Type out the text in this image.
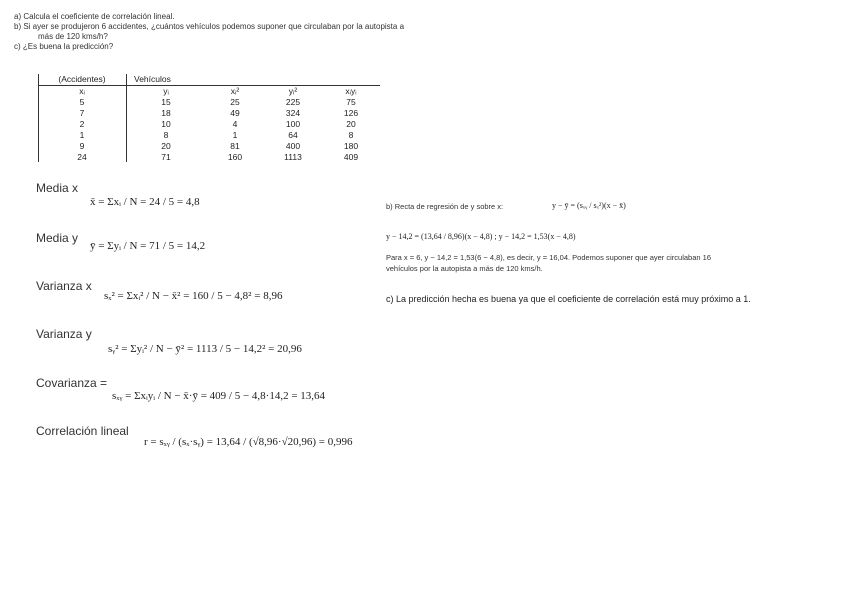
a) Calcula el coeficiente de correlación lineal.
b) Si ayer se produjeron 6 accidentes, ¿cuántos vehículos podemos suponer que circulaban por la autopista a
más de 120 kms/h?
c) ¿Es buena la predicción?
(Accidentes)	Vehículos			
xᵢ	yᵢ	xᵢ²	yᵢ²	xᵢyᵢ
5	15	25	225	75
7	18	49	324	126
2	10	4	100	20
1	8	1	64	8
9	20	81	400	180
24	71	160	1113	409
Media x
x̄ = Σxᵢ / N = 24 / 5 = 4,8
Media y
ȳ = Σyᵢ / N = 71 / 5 = 14,2
Varianza x
sₓ² = Σxᵢ² / N − x̄² = 160 / 5 − 4,8² = 8,96
Varianza y
sᵧ² = Σyᵢ² / N − ȳ² = 1113 / 5 − 14,2² = 20,96
Covarianza =
sₓᵧ = Σxᵢyᵢ / N − x̄·ȳ = 409 / 5 − 4,8·14,2 = 13,64
Correlación lineal
r = sₓᵧ / (sₓ·sᵧ) = 13,64 / (√8,96·√20,96) = 0,996
b) Recta de regresión de y sobre x:	y − ȳ = (sₓᵧ / sₓ²)(x − x̄)
y − 14,2 = (13,64 / 8,96)(x − 4,8) ; y − 14,2 = 1,53(x − 4,8)
Para x = 6, y − 14,2 = 1,53(6 − 4,8), es decir, y = 16,04. Podemos suponer que ayer circulaban 16
vehículos por la autopista a más de 120 kms/h.
c) La predicción hecha es buena ya que el coeficiente de correlación está muy próximo a 1.
